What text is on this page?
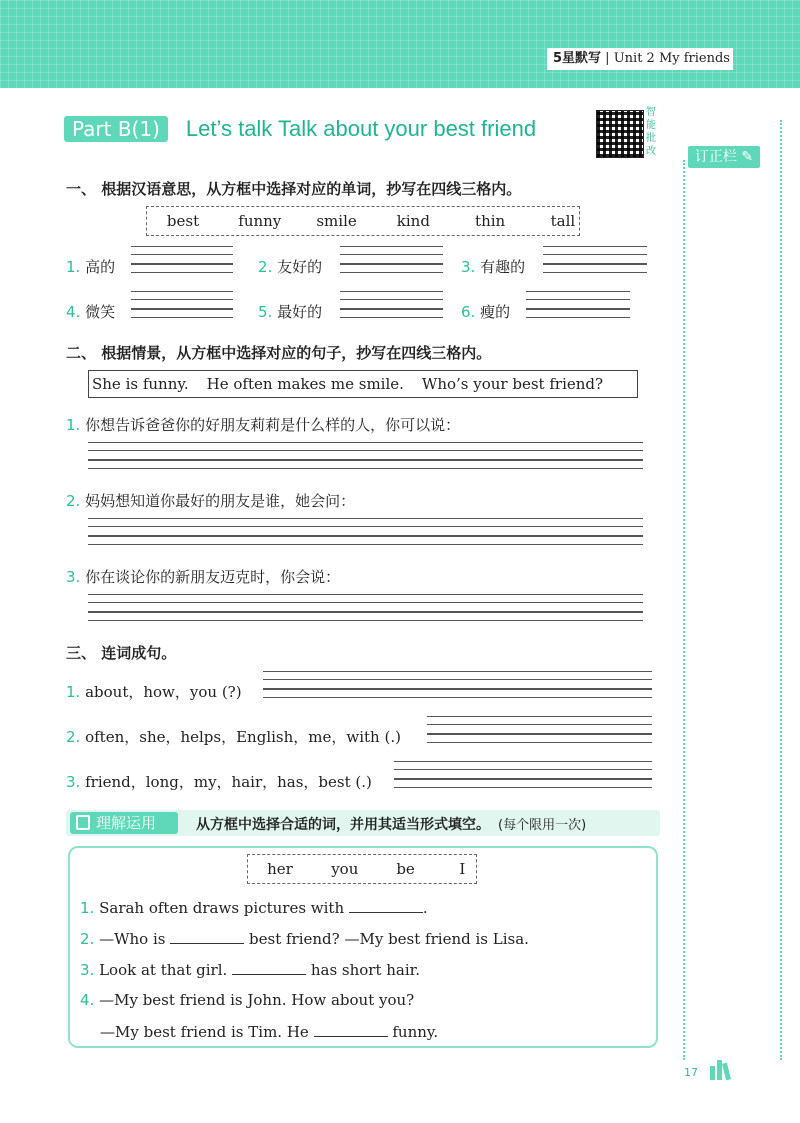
5星默写 | Unit 2 My friends
订正栏 ✎
Part B(1) Let’s talk Talk about your best friend
智能批改
一、 根据汉语意思，从方框中选择对应的单词，抄写在四线三格内。
best	funny smile	kind	thin	tall
1. 高的	2. 友好的	3. 有趣的
4. 微笑	5. 最好的	6. 瘦的
二、 根据情景，从方框中选择对应的句子，抄写在四线三格内。
She is funny. He often makes me smile. Who’s your best friend?
1. 你想告诉爸爸你的好朋友莉莉是什么样的人，你可以说：
2. 妈妈想知道你最好的朋友是谁，她会问：
3. 你在谈论你的新朋友迈克时，你会说：
三、 连词成句。
1. about，how，you (?)
2. often，she，helps，English，me，with (.)
3. friend，long，my，hair，has，best (.)
理解运用	从方框中选择合适的词，并用其适当形式填空。 (每个限用一次)
her	you	be	I
1. Sarah often draws pictures with	.
2. —Who is	best friend? —My best friend is Lisa.
3. Look at that girl.	has short hair.
4. —My best friend is John. How about you?
—My best friend is Tim. He	funny.
17
